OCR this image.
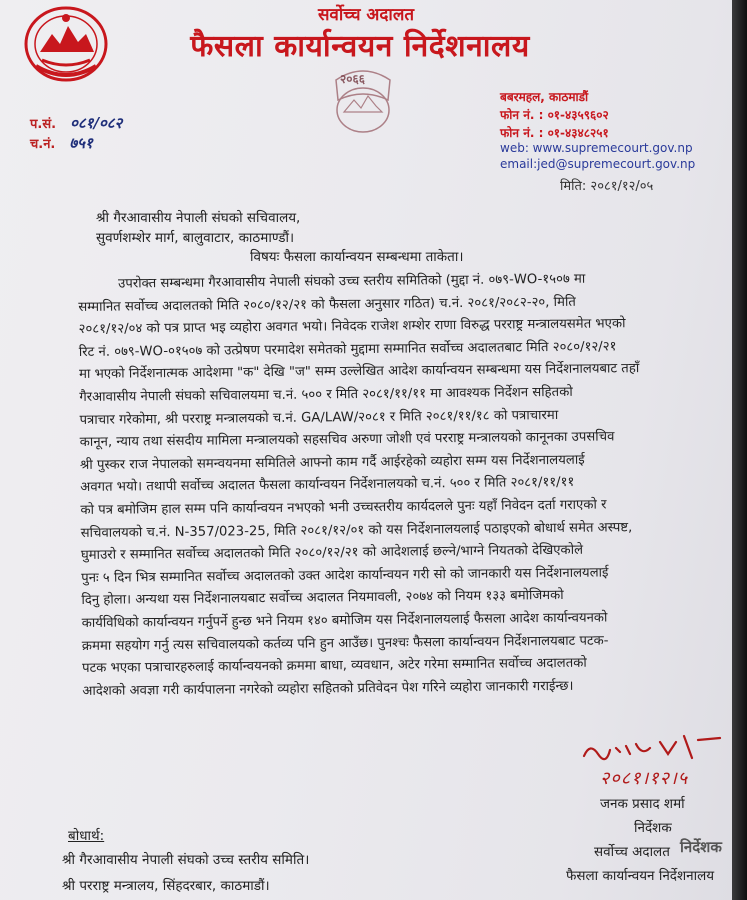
सर्वोच्च अदालत
फैसला कार्यान्वयन निर्देशनालय
२०६६
प.सं. ०८१/०८२
च.नं. ७५१
बबरमहल, काठमाडौं
फोन नं. : ०१-४३५९६०२
फोन नं. : ०१-४३४८२५१
web: www.supremecourt.gov.np
email:jed@supremecourt.gov.np
मिति: २०८१/१२/०५
श्री गैरआवासीय नेपाली संघको सचिवालय,
सुवर्णशम्शेर मार्ग, बालुवाटार, काठमाण्डौं।
विषयः फैसला कार्यान्वयन सम्बन्धमा ताकेता।
उपरोक्त सम्बन्धमा गैरआवासीय नेपाली संघको उच्च स्तरीय समितिको (मुद्दा नं. ०७९-WO-१५०७ मा
सम्मानित सर्वोच्च अदालतको मिति २०८०/१२/२१ को फैसला अनुसार गठित) च.नं. २०८१/२०८२-२०, मिति
२०८१/१२/०४ को पत्र प्राप्त भइ व्यहोरा अवगत भयो। निवेदक राजेश शम्शेर राणा विरुद्ध परराष्ट्र मन्त्रालयसमेत भएको
रिट नं. ०७९-WO-०१५०७ को उत्प्रेषण परमादेश समेतको मुद्दामा सम्मानित सर्वोच्च अदालतबाट मिति २०८०/१२/२१
मा भएको निर्देशनात्मक आदेशमा "क" देखि "ज" सम्म उल्लेखित आदेश कार्यान्वयन सम्बन्धमा यस निर्देशनालयबाट तहाँ
गैरआवासीय नेपाली संघको सचिवालयमा च.नं. ५०० र मिति २०८१/११/११ मा आवश्यक निर्देशन सहितको
पत्राचार गरेकोमा, श्री परराष्ट्र मन्त्रालयको च.नं. GA/LAW/२०८१ र मिति २०८१/११/१८ को पत्राचारमा
कानून, न्याय तथा संसदीय मामिला मन्त्रालयको सहसचिव अरुणा जोशी एवं परराष्ट्र मन्त्रालयको कानूनका उपसचिव
श्री पुस्कर राज नेपालको समन्वयनमा समितिले आफ्नो काम गर्दै आईरहेको व्यहोरा सम्म यस निर्देशनालयलाई
अवगत भयो। तथापी सर्वोच्च अदालत फैसला कार्यान्वयन निर्देशनालयको च.नं. ५०० र मिति २०८१/११/११
को पत्र बमोजिम हाल सम्म पनि कार्यान्वयन नभएको भनी उच्चस्तरीय कार्यदलले पुनः यहाँ निवेदन दर्ता गराएको र
सचिवालयको च.नं. N-357/023-25, मिति २०८१/१२/०१ को यस निर्देशनालयलाई पठाइएको बोधार्थ समेत अस्पष्ट,
घुमाउरो र सम्मानित सर्वोच्च अदालतको मिति २०८०/१२/२१ को आदेशलाई छल्ने/भाग्ने नियतको देखिएकोले
पुनः ५ दिन भित्र सम्मानित सर्वोच्च अदालतको उक्त आदेश कार्यान्वयन गरी सो को जानकारी यस निर्देशनालयलाई
दिनु होला। अन्यथा यस निर्देशनालयबाट सर्वोच्च अदालत नियमावली, २०७४ को नियम १३३ बमोजिमको
कार्यविधिको कार्यान्वयन गर्नुपर्ने हुन्छ भने नियम १४० बमोजिम यस निर्देशनालयलाई फैसला आदेश कार्यान्वयनको
क्रममा सहयोग गर्नु त्यस सचिवालयको कर्तव्य पनि हुन आउँछ। पुनश्चः फैसला कार्यान्वयन निर्देशनालयबाट पटक-
पटक भएका पत्राचारहरुलाई कार्यान्वयनको क्रममा बाधा, व्यवधान, अटेर गरेमा सम्मानित सर्वोच्च अदालतको
आदेशको अवज्ञा गरी कार्यपालना नगरेको व्यहोरा सहितको प्रतिवेदन पेश गरिने व्यहोरा जानकारी गराईन्छ।
२०८१।१२।५
जनक प्रसाद शर्मा
निर्देशक
सर्वोच्च अदालत
फैसला कार्यान्वयन निर्देशनालय
निर्देशक
बोधार्थ:
श्री गैरआवासीय नेपाली संघको उच्च स्तरीय समिति।
श्री परराष्ट्र मन्त्रालय, सिंहदरबार, काठमाडौं।
